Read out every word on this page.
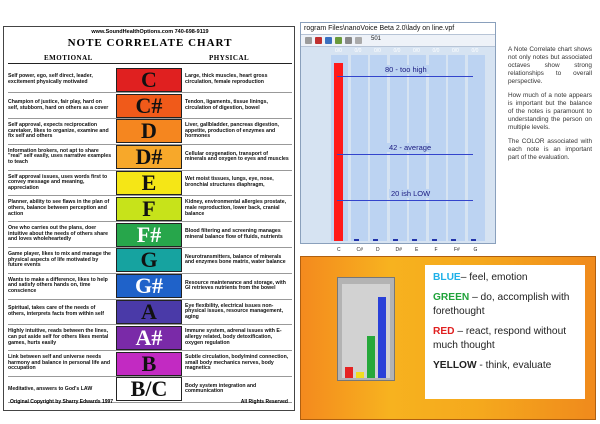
www.SoundHealthOptions.com 740-698-9119
NOTE CORRELATE CHART
EMOTIONAL	PHYSICAL
Self power, ego, self direct, leader, excitement physically motivated	C	Large, thick muscles, heart gross circulation, female reproduction
Champion of justice, fair play, hard on self, stubborn, hard on others as a cover	C#	Tendon, ligaments, tissue linings, circulation of digestion, bowel
Self approval, expects reciprocation caretaker, likes to organize, examine and fix self and others	D	Liver, gallbladder, pancreas digestion, appetite, production of enzymes and hormones
Information brokers, not apt to share "real" self easily, uses narrative examples to teach	D#	Cellular oxygenation, transport of minerals and oxygen to eyes and muscles
Self approval issues, uses words first to convey message and meaning, appreciation	E	Wet moist tissues, lungs, eye, nose, bronchial structures diaphragm,
Planner, ability to see flaws in the plan of others, balance between perception and action	F	Kidney, environmental allergies prostate, male reproduction, lower back, cranial balance
One who carries out the plans, doer intuitive about the needs of others share and loves wholeheartedly	F#	Blood filtering and screening manages mineral balance flow of fluids, nutrients
Game player, likes to mix and manage the physical aspects of life motivated by future events	G	Neurotransmitters, balance of minerals and enzymes bone matrix, water balance
Wants to make a difference, likes to help and satisfy others hands on, time conscience	G#	Resource maintenance and storage, with GI retrieves nutrients from the bowel
Spiritual, takes care of the needs of others, interprets facts from within self	A	Eye flexibility, electrical issues non-physical issues, resource management, aging
Highly intuitive, reads between the lines, can put aside self for others likes mental games, hurts easily	A#	Immune system, adrenal issues with E-allergy related, body detoxification, oxygen regulation
Link between self and universe needs harmony and balance in personal life and occupation	B	Subtle circulation, body/mind connection, small body mechanics nerves, body magnetics
Meditative, answers to God's LAW	B/C	Body system integration and communication
Original Copyright by Sharry Edwards 1997	All Rights Reserved
rogram Files\nanoVoice Beta 2.0\lady on line.vpf
501
0/0
C
0/0
C#
0/0
D
0/0
D#
0/0
E
0/0
F
0/0
F#
0/0
G
80 - too high
42 - average
20 ish LOW

A Note Correlate chart shows not only notes but associated octaves show strong relationships to overall perspective.

How much of a note appears is important but the balance of the notes is paramount to understanding the person on multiple levels.

The COLOR associated with each note is an important part of the evaluation.

BLUE– feel, emotion
GREEN – do, accomplish with forethought
RED – react, respond without much thought
YELLOW - think, evaluate
